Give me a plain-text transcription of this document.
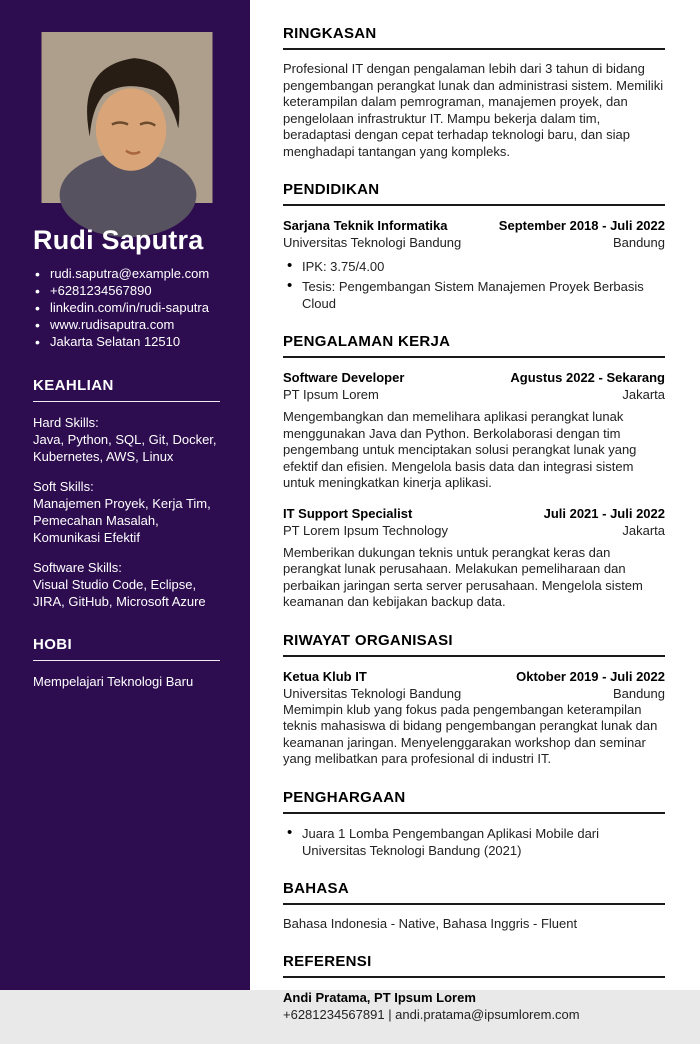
Rudi Saputra
• rudi.saputra@example.com
• +6281234567890
• linkedin.com/in/rudi-saputra
• www.rudisaputra.com
• Jakarta Selatan 12510
KEAHLIAN
Hard Skills:
Java, Python, SQL, Git, Docker, Kubernetes, AWS, Linux
Soft Skills:
Manajemen Proyek, Kerja Tim, Pemecahan Masalah, Komunikasi Efektif
Software Skills:
Visual Studio Code, Eclipse, JIRA, GitHub, Microsoft Azure
HOBI
Mempelajari Teknologi Baru
RINGKASAN

Profesional IT dengan pengalaman lebih dari 3 tahun di bidang pengembangan perangkat lunak dan administrasi sistem. Memiliki keterampilan dalam pemrograman, manajemen proyek, dan pengelolaan infrastruktur IT. Mampu bekerja dalam tim, beradaptasi dengan cepat terhadap teknologi baru, dan siap menghadapi tantangan yang kompleks.

PENDIDIKAN
Sarjana Teknik Informatika	September 2018 - Juli 2022
Universitas Teknologi Bandung	Bandung
• IPK: 3.75/4.00
• Tesis: Pengembangan Sistem Manajemen Proyek Berbasis Cloud
PENGALAMAN KERJA
Software Developer	Agustus 2022 - Sekarang
PT Ipsum Lorem	Jakarta

Mengembangkan dan memelihara aplikasi perangkat lunak menggunakan Java dan Python. Berkolaborasi dengan tim pengembang untuk menciptakan solusi perangkat lunak yang efektif dan efisien. Mengelola basis data dan integrasi sistem untuk meningkatkan kinerja aplikasi.

IT Support Specialist	Juli 2021 - Juli 2022
PT Lorem Ipsum Technology	Jakarta

Memberikan dukungan teknis untuk perangkat keras dan perangkat lunak perusahaan. Melakukan pemeliharaan dan perbaikan jaringan serta server perusahaan. Mengelola sistem keamanan dan kebijakan backup data.

RIWAYAT ORGANISASI
Ketua Klub IT	Oktober 2019 - Juli 2022
Universitas Teknologi Bandung	Bandung

Memimpin klub yang fokus pada pengembangan keterampilan teknis mahasiswa di bidang pengembangan perangkat lunak dan keamanan jaringan. Menyelenggarakan workshop dan seminar yang melibatkan para profesional di industri IT.

PENGHARGAAN
• Juara 1 Lomba Pengembangan Aplikasi Mobile dari Universitas Teknologi Bandung (2021)
BAHASA

Bahasa Indonesia - Native, Bahasa Inggris - Fluent

REFERENSI
Andi Pratama, PT Ipsum Lorem
+6281234567891 | andi.pratama@ipsumlorem.com
